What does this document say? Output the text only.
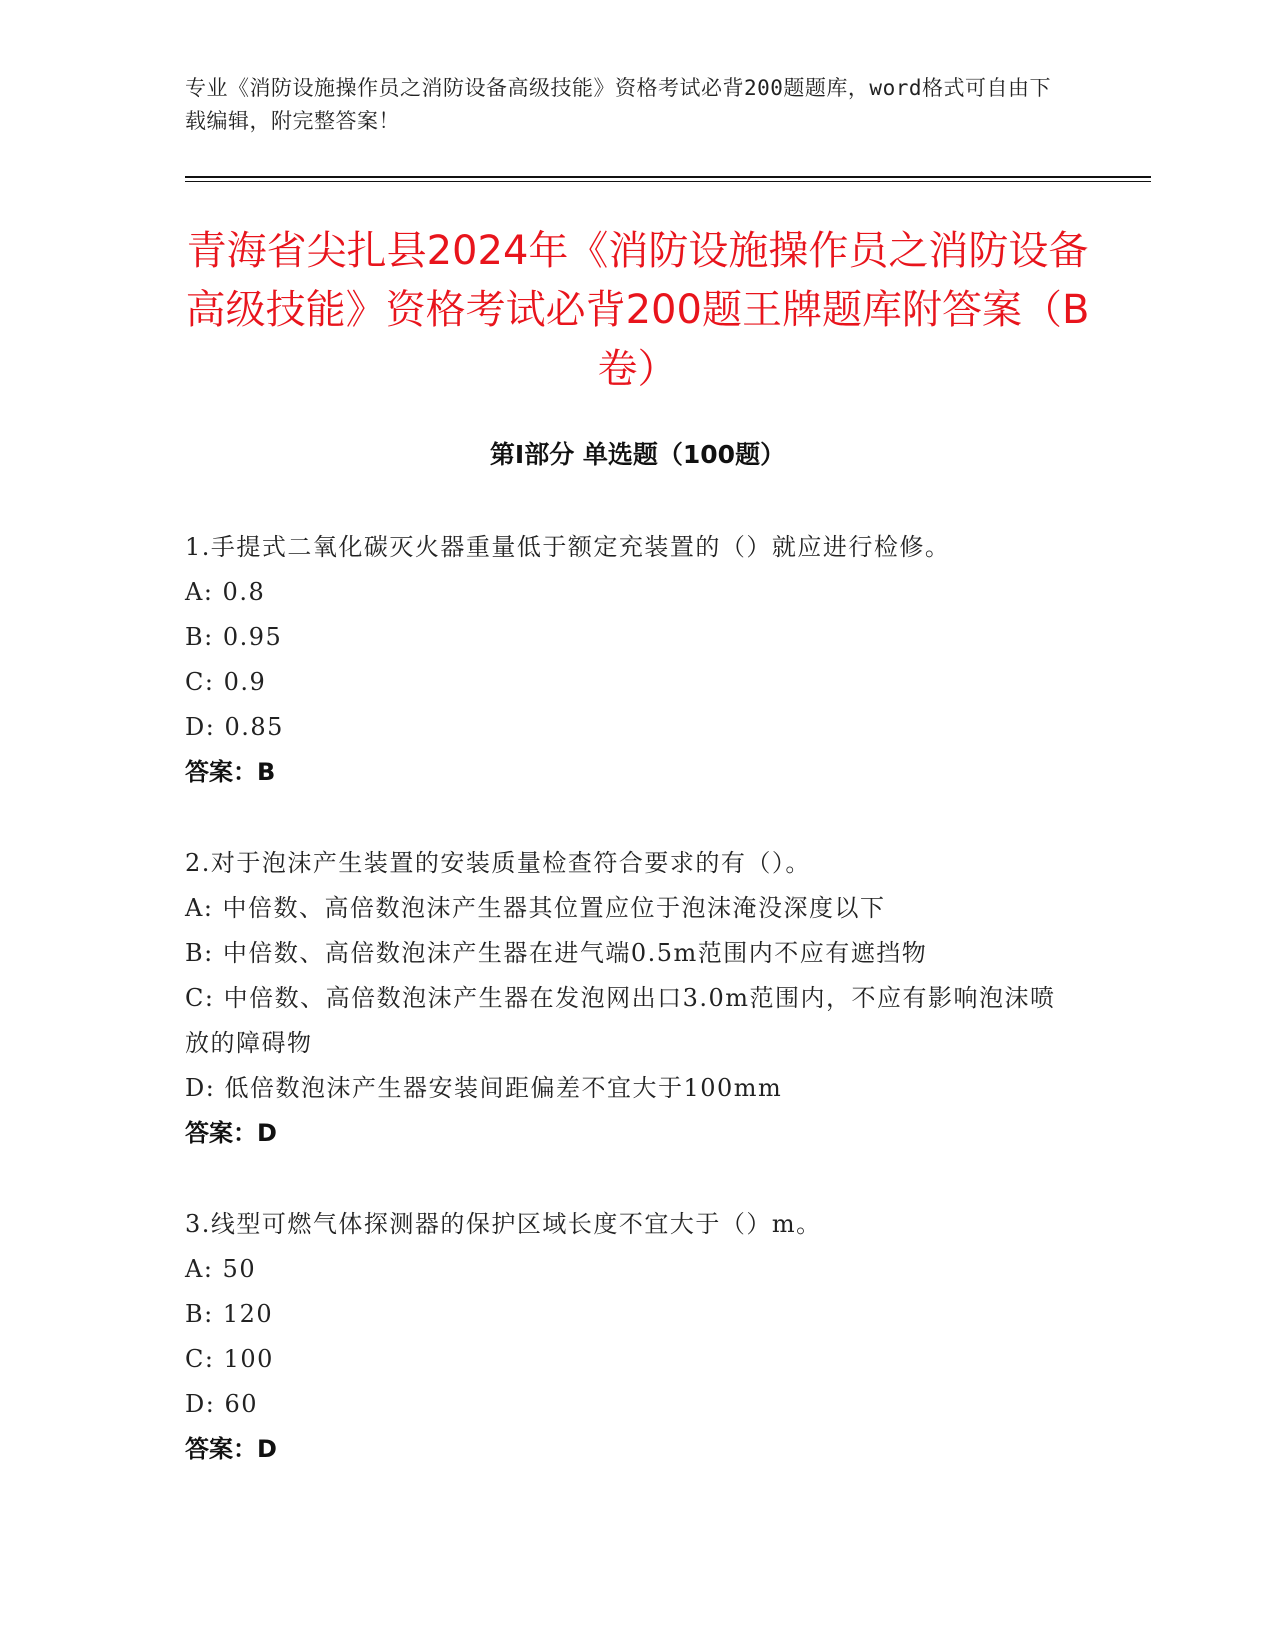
专业《消防设施操作员之消防设备高级技能》资格考试必背200题题库，word格式可自由下载编辑，附完整答案！
青海省尖扎县2024年《消防设施操作员之消防设备高级技能》资格考试必背200题王牌题库附答案（B卷）
第I部分 单选题（100题）
1.手提式二氧化碳灭火器重量低于额定充装置的（）就应进行检修。
A: 0.8
B: 0.95
C: 0.9
D: 0.85
答案：B
2.对于泡沫产生装置的安装质量检查符合要求的有（）。
A: 中倍数、高倍数泡沫产生器其位置应位于泡沫淹没深度以下
B: 中倍数、高倍数泡沫产生器在进气端0.5m范围内不应有遮挡物
C: 中倍数、高倍数泡沫产生器在发泡网出口3.0m范围内，不应有影响泡沫喷放的障碍物
D: 低倍数泡沫产生器安装间距偏差不宜大于100mm
答案：D
3.线型可燃气体探测器的保护区域长度不宜大于（）m。
A: 50
B: 120
C: 100
D: 60
答案：D
